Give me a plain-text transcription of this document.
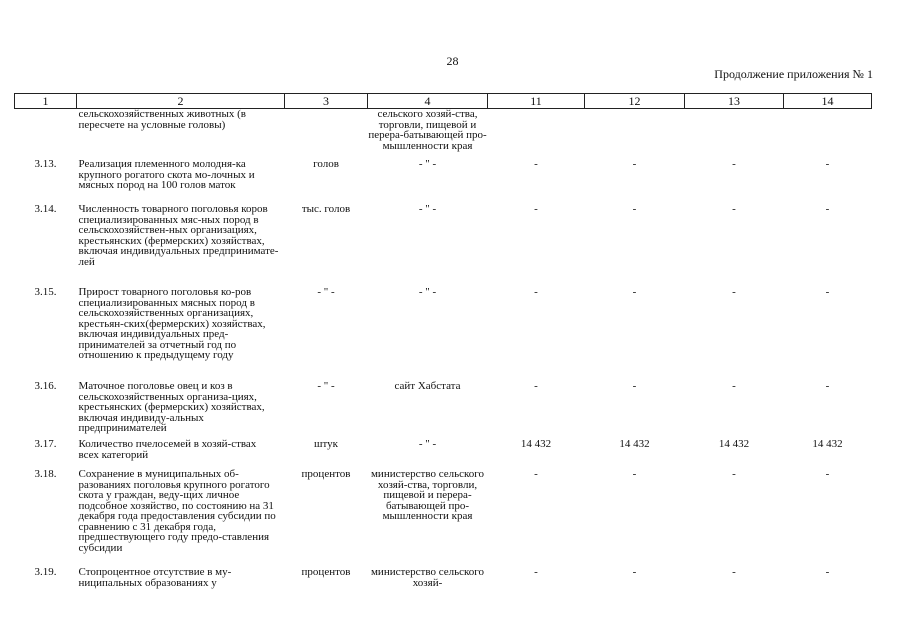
28
Продолжение приложения № 1
1	2	3	4	11	12	13	14
	сельскохозяйственных животных (в пересчете на условные головы)		сельского хозяй-ства, торговли, пищевой и перера-батывающей про-мышленности края				
3.13.	Реализация племенного молодня-ка крупного рогатого скота мо-лочных и мясных пород на 100 голов маток	голов	- " -	-	-	-	-
3.14.	Численность товарного поголовья коров специализированных мяс-ных пород в сельскохозяйствен-ных организациях, крестьянских (фермерских) хозяйствах, включая индивидуальных предпринимате-лей	тыс. голов	- " -	-	-	-	-
3.15.	Прирост товарного поголовья ко-ров специализированных мясных пород в сельскохозяйственных организациях, крестьян-ских(фермерских) хозяйствах, включая индивидуальных пред-принимателей за отчетный год по отношению к предыдущему году	- " -	- " -	-	-	-	-
3.16.	Маточное поголовье овец и коз в сельскохозяйственных организа-циях, крестьянских (фермерских) хозяйствах, включая индивиду-альных предпринимателей	- " -	сайт Хабстата	-	-	-	-
3.17.	Количество пчелосемей в хозяй-ствах всех категорий	штук	- " -	14 432	14 432	14 432	14 432
3.18.	Сохранение в муниципальных об-разованиях поголовья крупного рогатого скота у граждан, веду-щих личное подсобное хозяйство, по состоянию на 31 декабря года предоставления субсидии по сравнению с 31 декабря года, предшествующего году предо-ставления субсидии	процентов	министерство сельского хозяй-ства, торговли, пищевой и перера-батывающей про-мышленности края	-	-	-	-
3.19.	Стопроцентное отсутствие в му-ниципальных образованиях у	процентов	министерство сельского хозяй-	-	-	-	-
